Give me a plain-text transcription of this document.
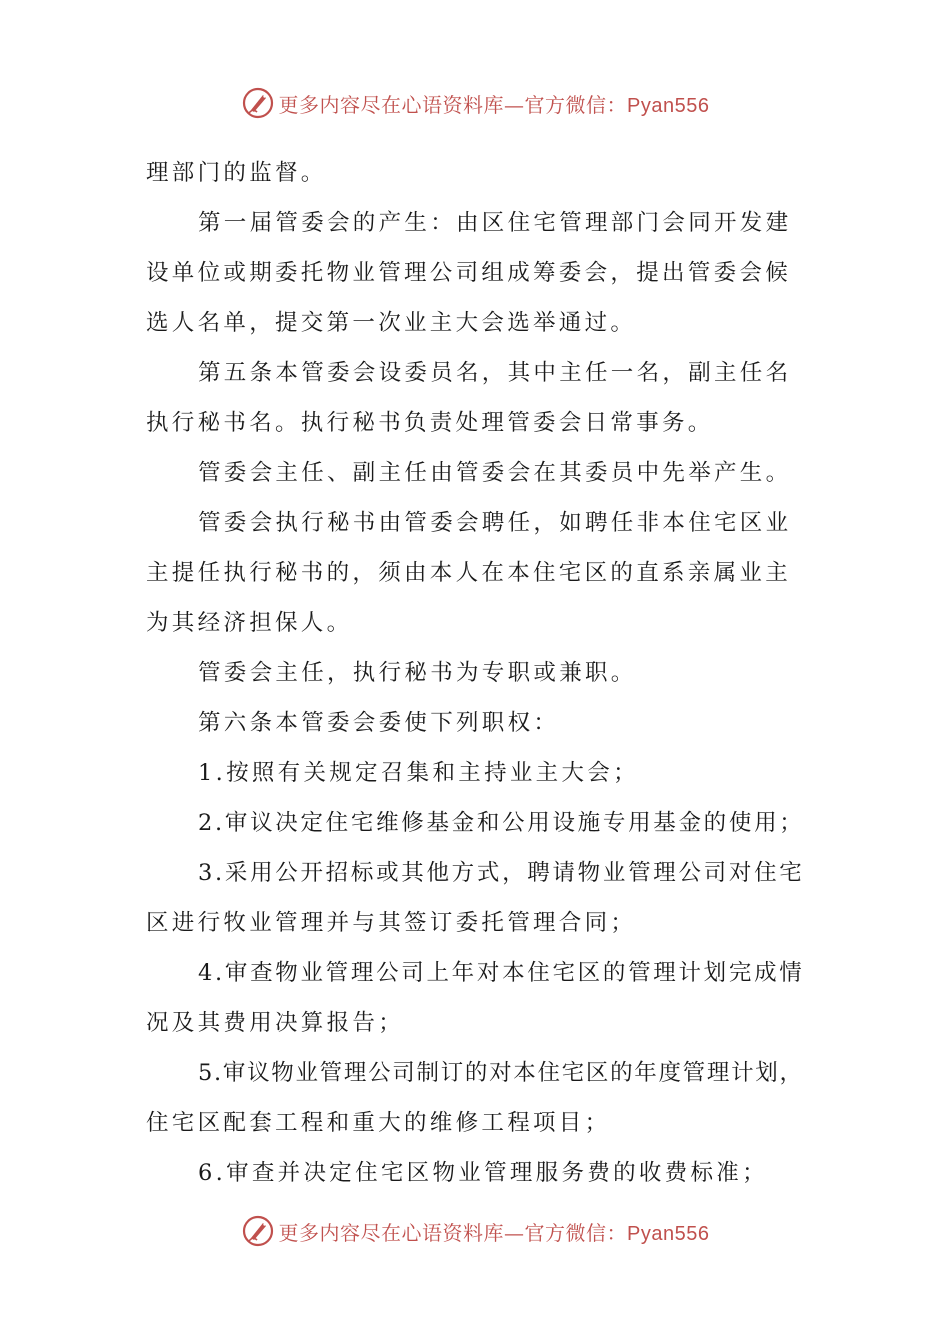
更多内容尽在心语资料库—官方微信：Pyan556
理部门的监督。
第一届管委会的产生：由区住宅管理部门会同开发建
设单位或期委托物业管理公司组成筹委会，提出管委会候
选人名单，提交第一次业主大会选举通过。
第五条本管委会设委员名，其中主任一名，副主任名
执行秘书名。执行秘书负责处理管委会日常事务。
管委会主任、副主任由管委会在其委员中先举产生。
管委会执行秘书由管委会聘任，如聘任非本住宅区业
主提任执行秘书的，须由本人在本住宅区的直系亲属业主
为其经济担保人。
管委会主任，执行秘书为专职或兼职。
第六条本管委会委使下列职权：
1.按照有关规定召集和主持业主大会；
2.审议决定住宅维修基金和公用设施专用基金的使用；
3.采用公开招标或其他方式，聘请物业管理公司对住宅
区进行牧业管理并与其签订委托管理合同；
4.审查物业管理公司上年对本住宅区的管理计划完成情
况及其费用决算报告；
5.审议物业管理公司制订的对本住宅区的年度管理计划，
住宅区配套工程和重大的维修工程项目；
6.审查并决定住宅区物业管理服务费的收费标准；
更多内容尽在心语资料库—官方微信：Pyan556
